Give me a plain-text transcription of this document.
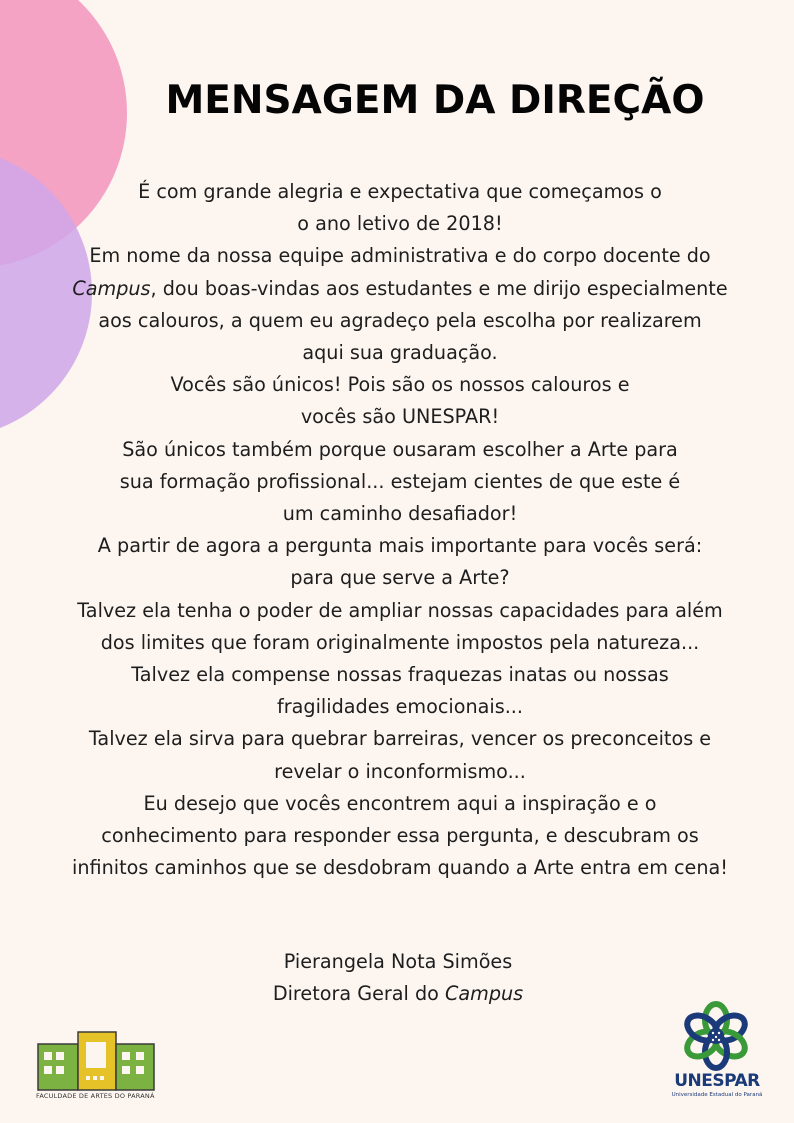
MENSAGEM DA DIREÇÃO
É com grande alegria e expectativa que começamos o
o ano letivo de 2018!
Em nome da nossa equipe administrativa e do corpo docente do
Campus, dou boas-vindas aos estudantes e me dirijo especialmente
aos calouros, a quem eu agradeço pela escolha por realizarem
aqui sua graduação.
Vocês são únicos! Pois são os nossos calouros e
vocês são UNESPAR!
São únicos também porque ousaram escolher a Arte para
sua formação profissional... estejam cientes de que este é
um caminho desafiador!
A partir de agora a pergunta mais importante para vocês será:
para que serve a Arte?
Talvez ela tenha o poder de ampliar nossas capacidades para além
dos limites que foram originalmente impostos pela natureza...
Talvez ela compense nossas fraquezas inatas ou nossas
fragilidades emocionais...
Talvez ela sirva para quebrar barreiras, vencer os preconceitos e
revelar o inconformismo...
Eu desejo que vocês encontrem aqui a inspiração e o
conhecimento para responder essa pergunta, e descubram os
infinitos caminhos que se desdobram quando a Arte entra em cena!
Pierangela Nota Simões
Diretora Geral do Campus
FACULDADE DE ARTES DO PARANÁ
UNESPAR
Universidade Estadual do Paraná
